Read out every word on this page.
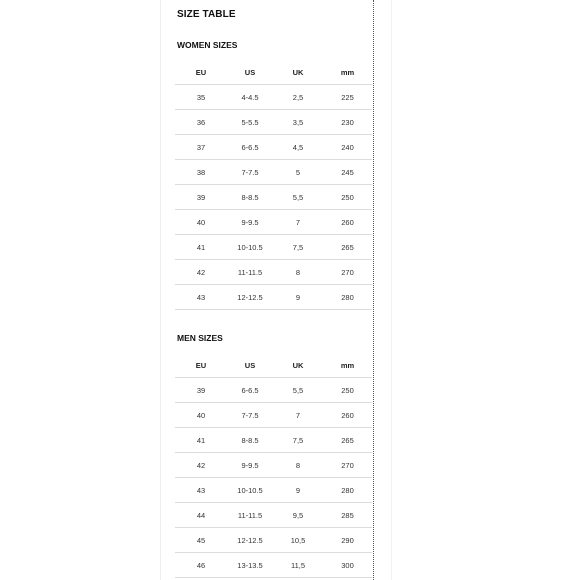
SIZE TABLE
WOMEN SIZES
EU	US	UK	mm
35	4-4.5	2,5	225
36	5-5.5	3,5	230
37	6-6.5	4,5	240
38	7-7.5	5	245
39	8-8.5	5,5	250
40	9-9.5	7	260
41	10-10.5	7,5	265
42	11-11.5	8	270
43	12-12.5	9	280
MEN SIZES
EU	US	UK	mm
39	6-6.5	5,5	250
40	7-7.5	7	260
41	8-8.5	7,5	265
42	9-9.5	8	270
43	10-10.5	9	280
44	11-11.5	9,5	285
45	12-12.5	10,5	290
46	13-13.5	11,5	300
